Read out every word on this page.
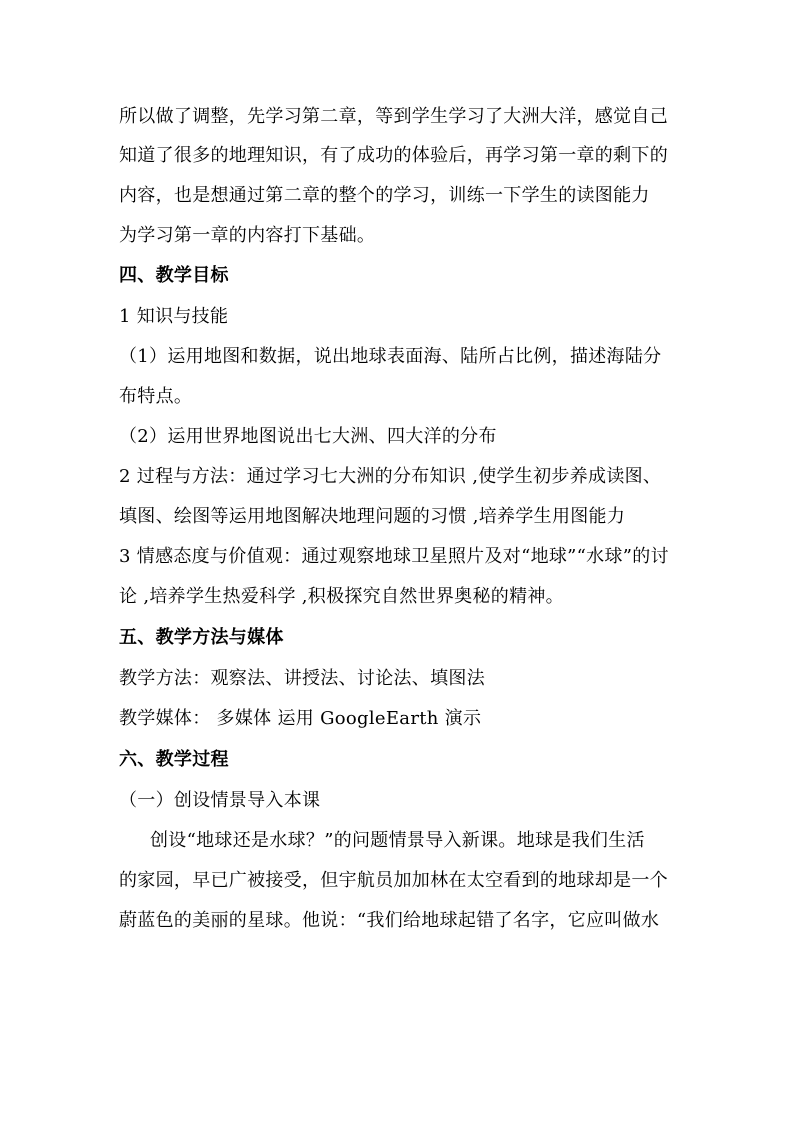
所以做了调整，先学习第二章，等到学生学习了大洲大洋，感觉自己
知道了很多的地理知识，有了成功的体验后，再学习第一章的剩下的
内容，也是想通过第二章的整个的学习，训练一下学生的读图能力
为学习第一章的内容打下基础。
四、教学目标
1 知识与技能
（1）运用地图和数据，说出地球表面海、陆所占比例，描述海陆分
布特点。
（2）运用世界地图说出七大洲、四大洋的分布
2 过程与方法：通过学习七大洲的分布知识 ,使学生初步养成读图、
填图、绘图等运用地图解决地理问题的习惯 ,培养学生用图能力
3 情感态度与价值观：通过观察地球卫星照片及对“地球”“水球”的讨
论 ,培养学生热爱科学 ,积极探究自然世界奥秘的精神。
五、教学方法与媒体
教学方法：观察法、讲授法、讨论法、填图法
教学媒体： 多媒体 运用 GoogleEarth 演示
六、教学过程
（一）创设情景导入本课
创设“地球还是水球？”的问题情景导入新课。地球是我们生活
的家园，早已广被接受，但宇航员加加林在太空看到的地球却是一个
蔚蓝色的美丽的星球。他说：“我们给地球起错了名字，它应叫做水
